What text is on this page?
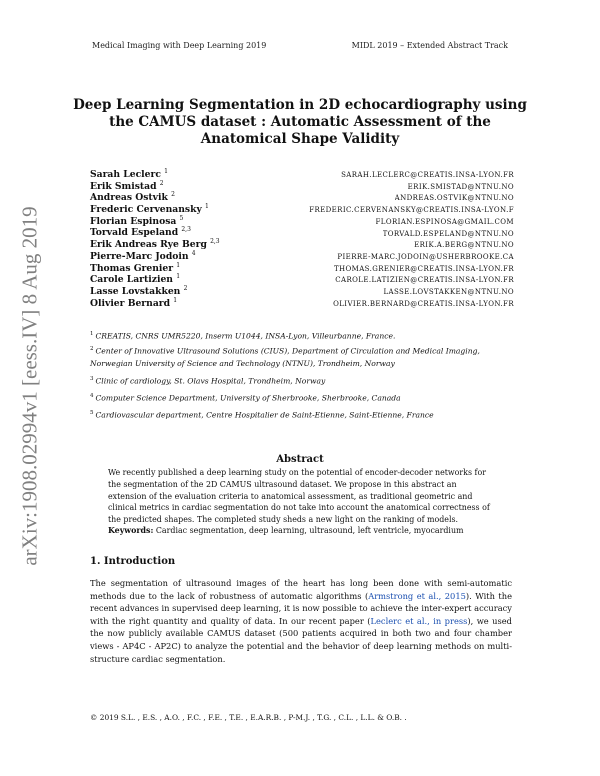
Medical Imaging with Deep Learning 2019	MIDL 2019 – Extended Abstract Track
arXiv:1908.02994v1 [eess.IV] 8 Aug 2019
Deep Learning Segmentation in 2D echocardiography using
the CAMUS dataset : Automatic Assessment of the
Anatomical Shape Validity
Sarah Leclerc $^1$	SARAH.LECLERC@CREATIS.INSA-LYON.FR
Erik Smistad $^2$	ERIK.SMISTAD@NTNU.NO
Andreas Ostvik $^2$	ANDREAS.OSTVIK@NTNU.NO
Frederic Cervenansky $^1$	FREDERIC.CERVENANSKY@CREATIS.INSA-LYON.F
Florian Espinosa $^5$	FLORIAN.ESPINOSA@GMAIL.COM
Torvald Espeland $^{2,3}$	TORVALD.ESPELAND@NTNU.NO
Erik Andreas Rye Berg $^{2,3}$	ERIK.A.BERG@NTNU.NO
Pierre-Marc Jodoin $^4$	PIERRE-MARC.JODOIN@USHERBROOKE.CA
Thomas Grenier $^1$	THOMAS.GRENIER@CREATIS.INSA-LYON.FR
Carole Lartizien $^1$	CAROLE.LATIZIEN@CREATIS.INSA-LYON.FR
Lasse Lovstakken $^2$	LASSE.LOVSTAKKEN@NTNU.NO
Olivier Bernard $^1$	OLIVIER.BERNARD@CREATIS.INSA-LYON.FR
$^1$ CREATIS, CNRS UMR5220, Inserm U1044, INSA-Lyon, Villeurbanne, France.
$^2$ Center of Innovative Ultrasound Solutions (CIUS), Department of Circulation and Medical Imaging, Norwegian University of Science and Technology (NTNU), Trondheim, Norway
$^3$ Clinic of cardiology, St. Olavs Hospital, Trondheim, Norway
$^4$ Computer Science Department, University of Sherbrooke, Sherbrooke, Canada
$^5$ Cardiovascular department, Centre Hospitalier de Saint-Etienne, Saint-Etienne, France
Abstract
We recently published a deep learning study on the potential of encoder-decoder networks for the segmentation of the 2D CAMUS ultrasound dataset. We propose in this abstract an extension of the evaluation criteria to anatomical assessment, as traditional geometric and clinical metrics in cardiac segmentation do not take into account the anatomical correctness of the predicted shapes. The completed study sheds a new light on the ranking of models.
Keywords: Cardiac segmentation, deep learning, ultrasound, left ventricle, myocardium
1. Introduction
The segmentation of ultrasound images of the heart has long been done with semi-automatic methods due to the lack of robustness of automatic algorithms (Armstrong et al., 2015). With the recent advances in supervised deep learning, it is now possible to achieve the inter-expert accuracy with the right quantity and quality of data. In our recent paper (Leclerc et al., in press), we used the now publicly available CAMUS dataset (500 patients acquired in both two and four chamber views - AP4C - AP2C) to analyze the potential and the behavior of deep learning methods on multi-structure cardiac segmentation.
© 2019 S.L. , E.S. , A.O. , F.C. , F.E. , T.E. , E.A.R.B. , P-M.J. , T.G. , C.L. , L.L. & O.B. .
